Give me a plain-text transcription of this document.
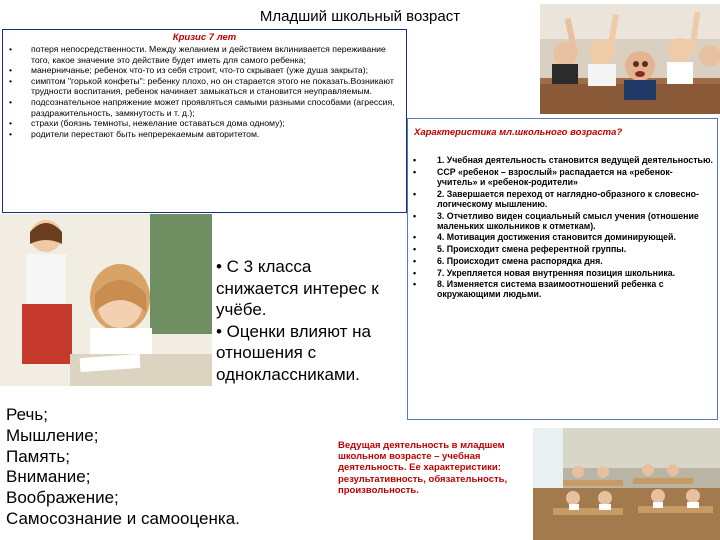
Младший школьный возраст
Кризис 7 лет
• потеря непосредственности. Между желанием и действием вклинивается переживание того, какое значение это действие будет иметь для самого ребенка;
• манерничанье; ребенок что-то из себя строит, что-то скрывает (уже душа закрыта);
• симптом "горькой конфеты": ребенку плохо, но он старается этого не показать.Возникают трудности воспитания, ребенок начинает замыкаться и становится неуправляемым.
• подсознательное напряжение может проявляться самыми разными способами (агрессия, раздражительность, замкнутость и т. д.);
• страхи (боязнь темноты, нежелание оставаться дома одному);
• родители перестают быть непререкаемым авторитетом.	Характеристика мл.школьного возраста?
• 1. Учебная деятельность становится ведущей деятельностью.
• ССР «ребенок – взрослый» распадается на «ребенок-учитель» и «ребенок-родители»
• 2. Завершается переход от наглядно-образного к словесно-логическому мышлению.
• 3. Отчетливо виден социальный смысл учения (отношение маленьких школьников к отметкам).
• 4. Мотивация достижения становится доминирующей.
• 5. Происходит смена референтной группы.
• 6. Происходит смена распорядка дня.
• 7. Укрепляется новая внутренняя позиция школьника.
• 8. Изменяется система взаимоотношений ребенка с окружающими людьми.

• С 3 класса снижается интерес к учёбе.

• Оценки влияют на отношения с одноклассниками.

Речь;
Мышление;
Память;
Внимание;
Воображение;
Самосознание и самооценка.
Ведущая деятельность в младшем школьном возрасте – учебная деятельность. Ее характеристики: результативность, обязательность, произвольность.
